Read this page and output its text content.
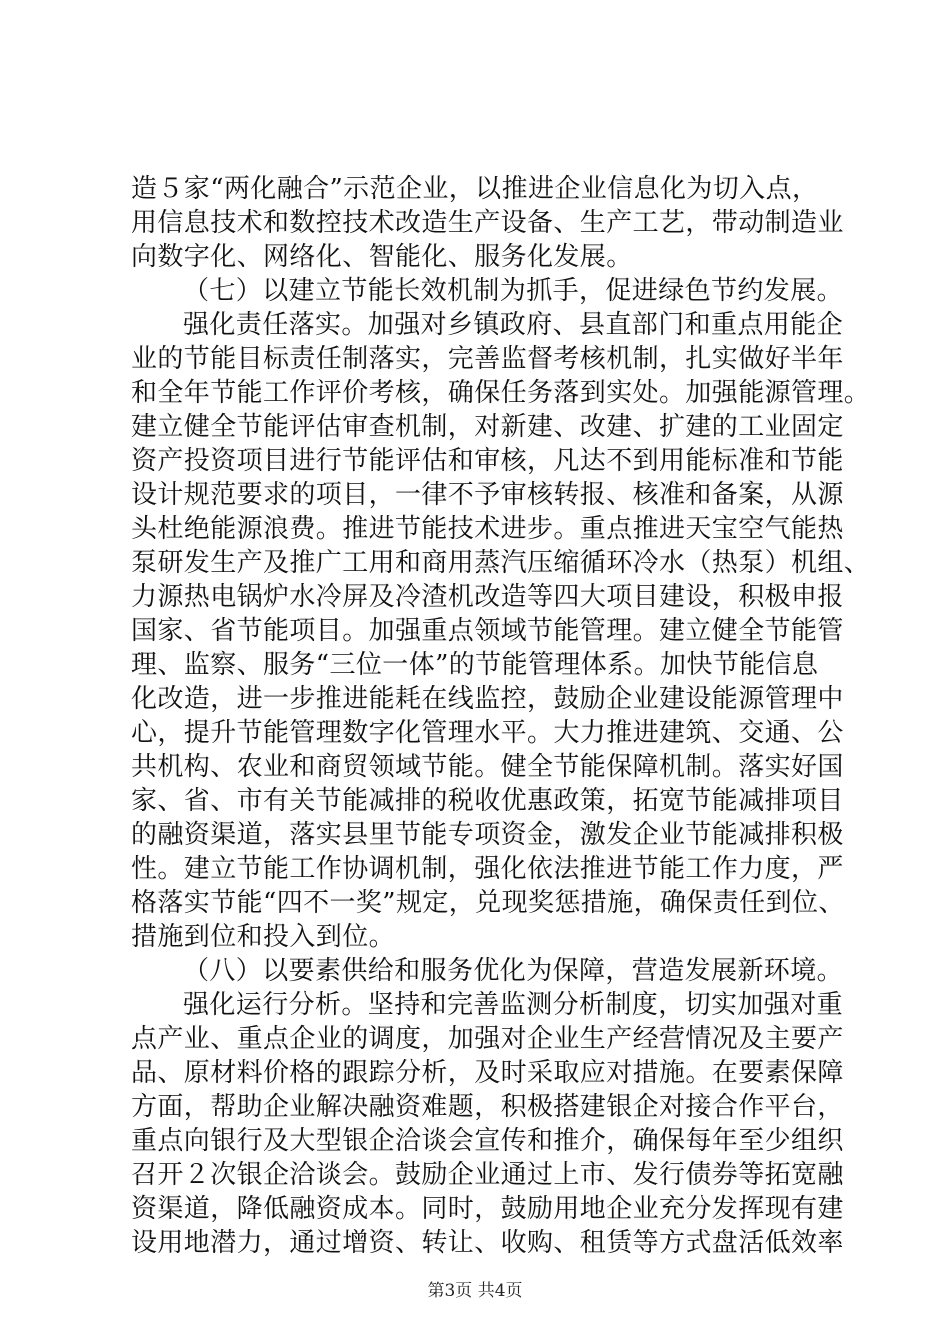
造５家“两化融合”示范企业，以推进企业信息化为切入点，
用信息技术和数控技术改造生产设备、生产工艺，带动制造业
向数字化、网络化、智能化、服务化发展。
（七）以建立节能长效机制为抓手，促进绿色节约发展。
强化责任落实。加强对乡镇政府、县直部门和重点用能企
业的节能目标责任制落实，完善监督考核机制，扎实做好半年
和全年节能工作评价考核，确保任务落到实处。加强能源管理。
建立健全节能评估审查机制，对新建、改建、扩建的工业固定
资产投资项目进行节能评估和审核，凡达不到用能标准和节能
设计规范要求的项目，一律不予审核转报、核准和备案，从源
头杜绝能源浪费。推进节能技术进步。重点推进天宝空气能热
泵研发生产及推广工用和商用蒸汽压缩循环冷水（热泵）机组、
力源热电锅炉水冷屏及冷渣机改造等四大项目建设，积极申报
国家、省节能项目。加强重点领域节能管理。建立健全节能管
理、监察、服务“三位一体”的节能管理体系。加快节能信息
化改造，进一步推进能耗在线监控，鼓励企业建设能源管理中
心，提升节能管理数字化管理水平。大力推进建筑、交通、公
共机构、农业和商贸领域节能。健全节能保障机制。落实好国
家、省、市有关节能减排的税收优惠政策，拓宽节能减排项目
的融资渠道，落实县里节能专项资金，激发企业节能减排积极
性。建立节能工作协调机制，强化依法推进节能工作力度，严
格落实节能“四不一奖”规定，兑现奖惩措施，确保责任到位、
措施到位和投入到位。
（八）以要素供给和服务优化为保障，营造发展新环境。
强化运行分析。坚持和完善监测分析制度，切实加强对重
点产业、重点企业的调度，加强对企业生产经营情况及主要产
品、原材料价格的跟踪分析，及时采取应对措施。在要素保障
方面，帮助企业解决融资难题，积极搭建银企对接合作平台，
重点向银行及大型银企洽谈会宣传和推介，确保每年至少组织
召开２次银企洽谈会。鼓励企业通过上市、发行债券等拓宽融
资渠道，降低融资成本。同时，鼓励用地企业充分发挥现有建
设用地潜力，通过增资、转让、收购、租赁等方式盘活低效率
第3页 共4页
